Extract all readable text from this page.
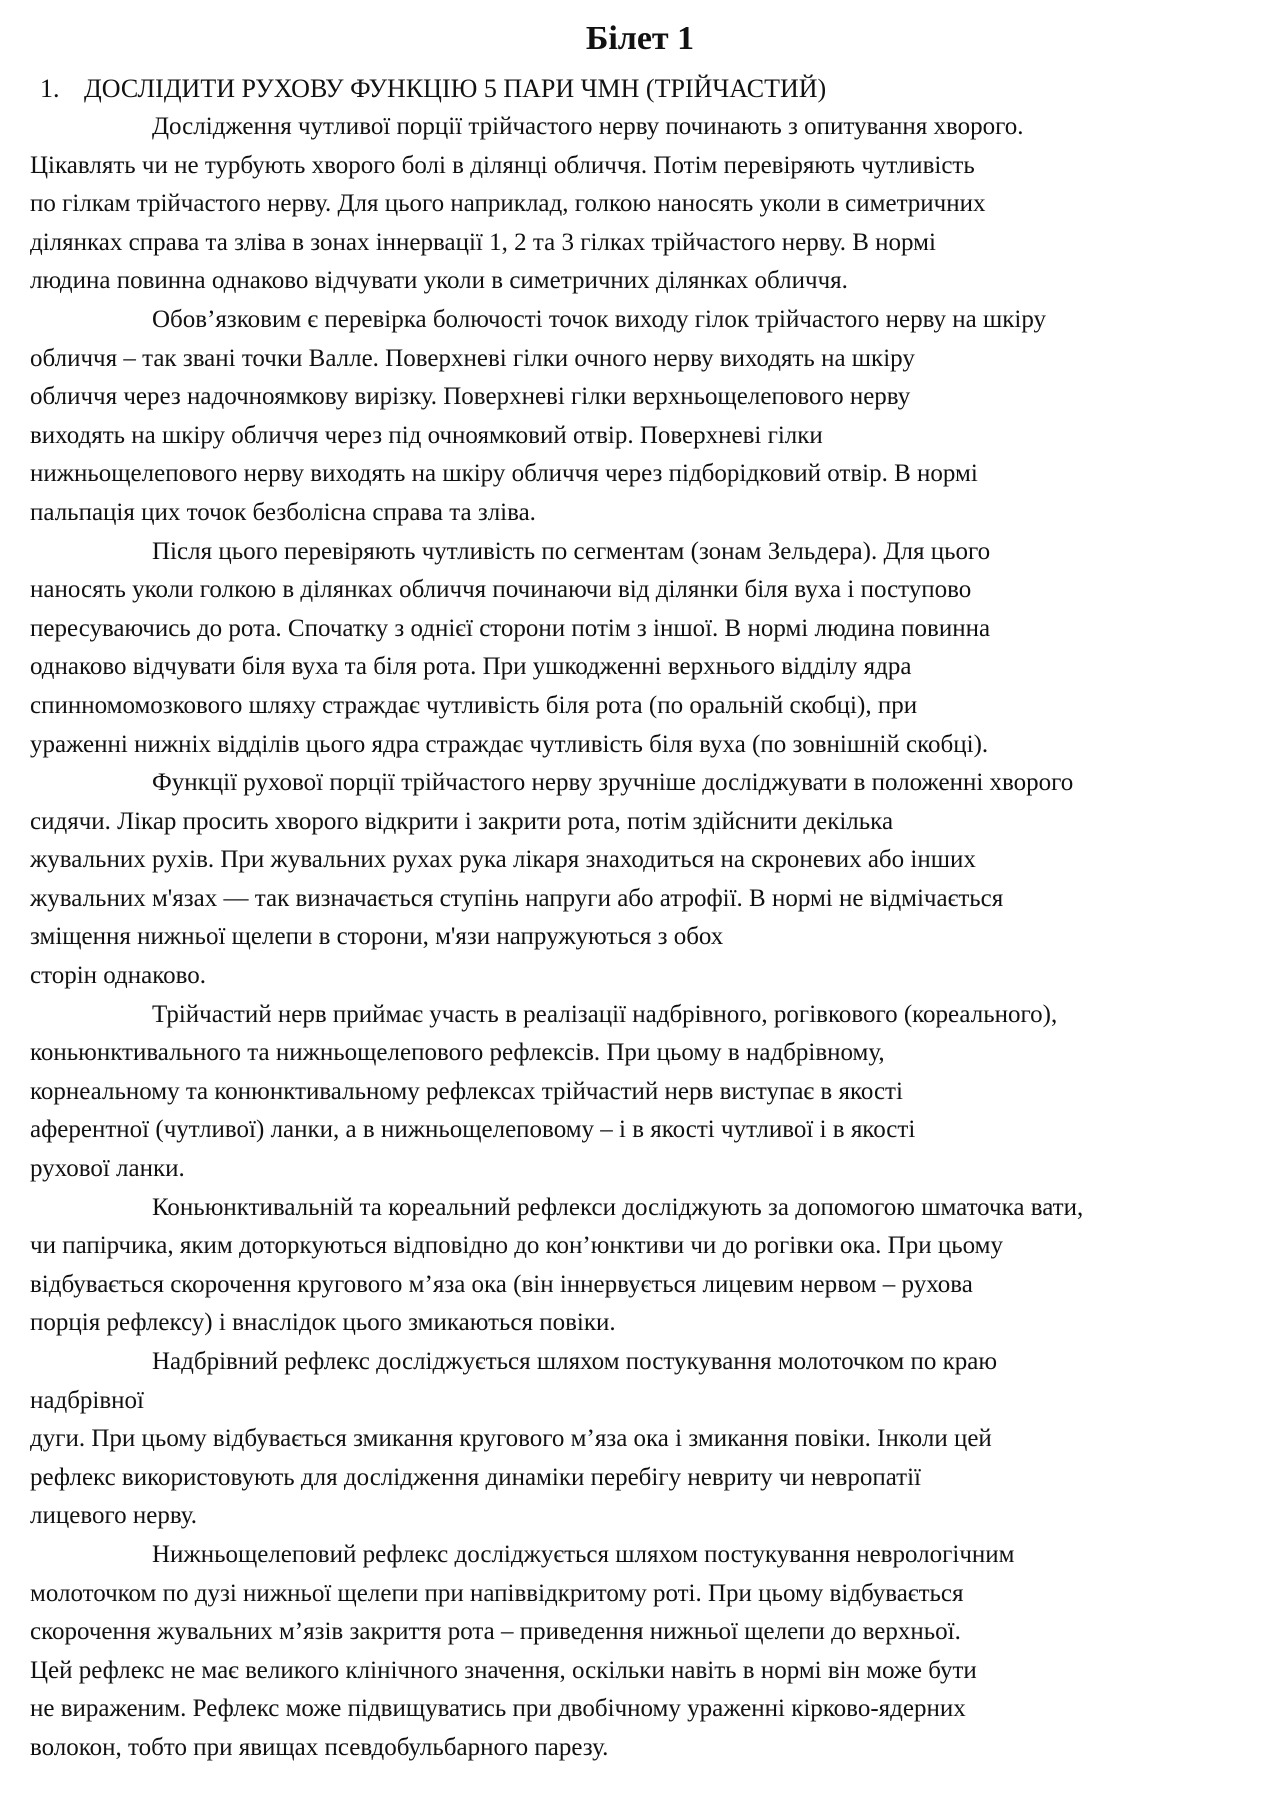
Білет 1
1. ДОСЛІДИТИ РУХОВУ ФУНКЦІЮ 5 ПАРИ ЧМН (ТРІЙЧАСТИЙ)
Дослідження чутливої порції трійчастого нерву починають з опитування хворого.
Цікавлять чи не турбують хворого болі в ділянці обличчя. Потім перевіряють чутливість
по гілкам трійчастого нерву. Для цього наприклад, голкою наносять уколи в симетричних
ділянках справа та зліва в зонах іннервації 1, 2 та 3 гілках трійчастого нерву. В нормі
людина повинна однаково відчувати уколи в симетричних ділянках обличчя.
Обов’язковим є перевірка болючості точок виходу гілок трійчастого нерву на шкіру
обличчя – так звані точки Валле. Поверхневі гілки очного нерву виходять на шкіру
обличчя через надочноямкову вирізку. Поверхневі гілки верхньощелепового нерву
виходять на шкіру обличчя через під очноямковий отвір. Поверхневі гілки
нижньощелепового нерву виходять на шкіру обличчя через підборідковий отвір. В нормі
пальпація цих точок безболісна справа та зліва.
Після цього перевіряють чутливість по сегментам (зонам Зельдера). Для цього
наносять уколи голкою в ділянках обличчя починаючи від ділянки біля вуха і поступово
пересуваючись до рота. Спочатку з однієї сторони потім з іншої. В нормі людина повинна
однаково відчувати біля вуха та біля рота. При ушкодженні верхнього відділу ядра
спинномомозкового шляху страждає чутливість біля рота (по оральній скобці), при
ураженні нижніх відділів цього ядра страждає чутливість біля вуха (по зовнішній скобці).
Функції рухової порції трійчастого нерву зручніше досліджувати в положенні хворого
сидячи. Лікар просить хворого відкрити і закрити рота, потім здійснити декілька
жувальних рухів. При жувальних рухах рука лікаря знаходиться на скроневих або інших
жувальних м'язах — так визначається ступінь напруги або атрофії. В нормі не відмічається
зміщення нижньої щелепи в сторони, м'язи напружуються з обох
сторін однаково.
Трійчастий нерв приймає участь в реалізації надбрівного, рогівкового (кореального),
коньюнктивального та нижньощелепового рефлексів. При цьому в надбрівному,
корнеальному та конюнктивальному рефлексах трійчастий нерв виступає в якості
аферентної (чутливої) ланки, а в нижньощелеповому – і в якості чутливої і в якості
рухової ланки.
Коньюнктивальній та кореальний рефлекси досліджують за допомогою шматочка вати,
чи папірчика, яким доторкуються відповідно до кон’юнктиви чи до рогівки ока. При цьому
відбувається скорочення кругового м’яза ока (він іннервується лицевим нервом – рухова
порція рефлексу) і внаслідок цього змикаються повіки.
Надбрівний рефлекс досліджується шляхом постукування молоточком по краю
надбрівної
дуги. При цьому відбувається змикання кругового м’яза ока і змикання повіки. Інколи цей
рефлекс використовують для дослідження динаміки перебігу невриту чи невропатії
лицевого нерву.
Нижньощелеповий рефлекс досліджується шляхом постукування неврологічним
молоточком по дузі нижньої щелепи при напіввідкритому роті. При цьому відбувається
скорочення жувальних м’язів закриття рота – приведення нижньої щелепи до верхньої.
Цей рефлекс не має великого клінічного значення, оскільки навіть в нормі він може бути
не вираженим. Рефлекс може підвищуватись при двобічному ураженні кірково-ядерних
волокон, тобто при явищах псевдобульбарного парезу.
